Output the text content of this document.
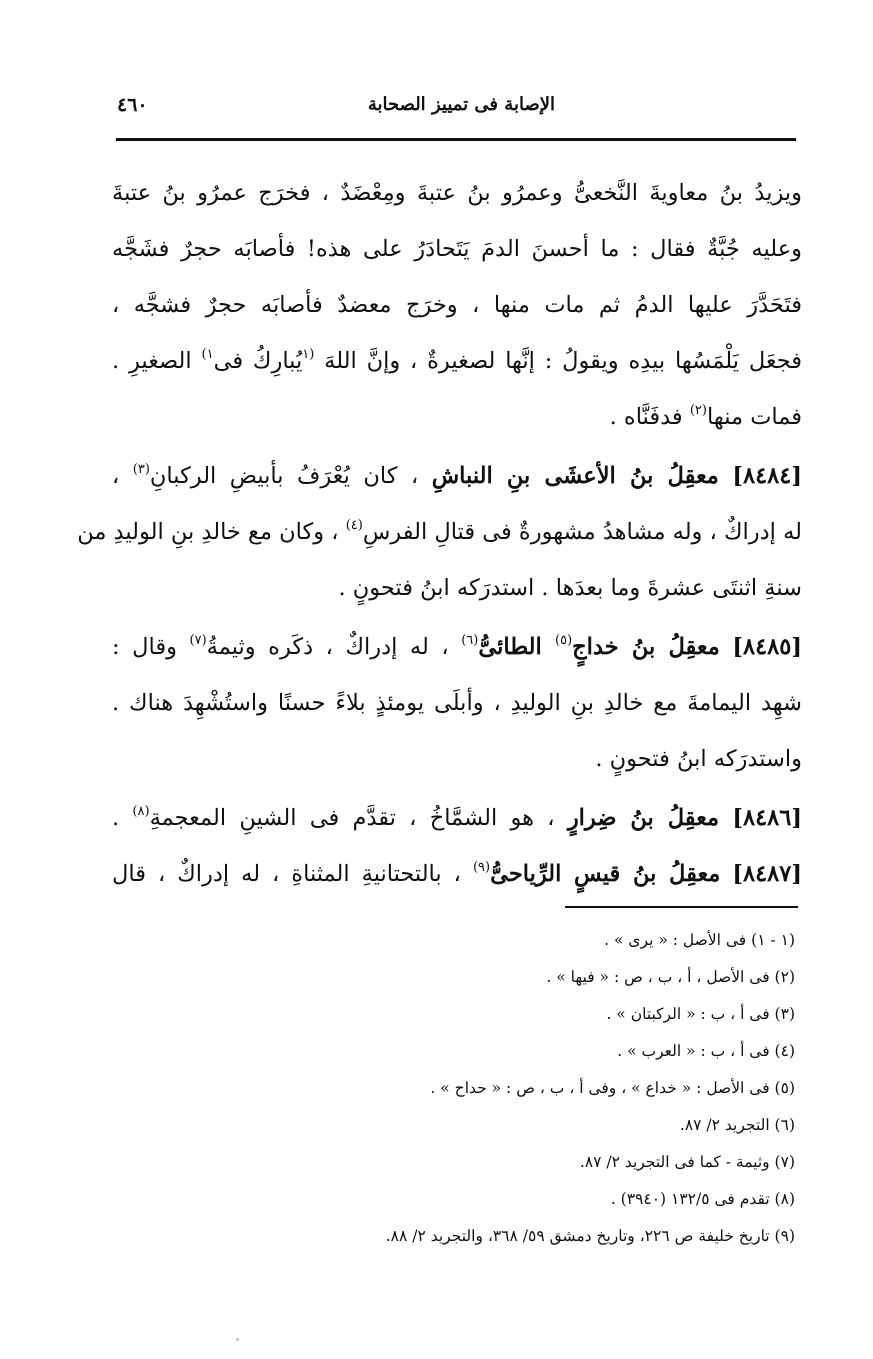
الإصابة فى تمييز الصحابة
٤٦٠
ويزيدُ بنُ معاويةَ النَّخعىُّ وعمرُو بنُ عتبةَ ومِعْضَدٌ ، فخرَج عمرُو بنُ عتبةَ
وعليه جُبَّةٌ فقال : ما أحسنَ الدمَ يَتَحادَرُ على هذه! فأصابَه حجرٌ فشَجَّه
فتَحَدَّرَ عليها الدمُ ثم مات منها ، وخرَج معضدٌ فأصابَه حجرٌ فشجَّه ،
فجعَل يَلْمَسُها بيدِه ويقولُ : إنَّها لصغيرةٌ ، وإنَّ اللهَ $^{(١}$يُبارِكُ فى$^{١)}$ الصغيرِ .
فمات منها$^{(٢)}$ فدفَنَّاه .
[٨٤٨٤] معقِلُ بنُ الأعشَى بنِ النباشِ ، كان يُعْرَفُ بأبيضِ الركبانِ$^{(٣)}$ ،
له إدراكٌ ، وله مشاهدُ مشهورةٌ فى قتالِ الفرسِ$^{(٤)}$ ، وكان مع خالدِ بنِ الوليدِ من
سنةِ اثنتَى عشرةَ وما بعدَها . استدرَكه ابنُ فتحونٍ .
[٨٤٨٥] معقِلُ بنُ خداجٍ$^{(٥)}$ الطائىُّ$^{(٦)}$ ، له إدراكٌ ، ذكَره وثيمةُ$^{(٧)}$ وقال :
شهِد اليمامةَ مع خالدِ بنِ الوليدِ ، وأبلَى يومئذٍ بلاءً حسنًا واستُشْهِدَ هناك .
واستدرَكه ابنُ فتحونٍ .
[٨٤٨٦] معقِلُ بنُ ضِرارٍ ، هو الشمَّاخُ ، تقدَّم فى الشينِ المعجمةِ$^{(٨)}$ .
[٨٤٨٧] معقِلُ بنُ قيسٍ الرِّياحىُّ$^{(٩)}$ ، بالتحتانيةِ المثناةِ ، له إدراكٌ ، قال
(١ - ١) فى الأصل : « يرى » .
(٢) فى الأصل ، أ ، ب ، ص : « فيها » .
(٣) فى أ ، ب : « الركبتان » .
(٤) فى أ ، ب : « العرب » .
(٥) فى الأصل : « خداع » ، وفى أ ، ب ، ص : « حداح » .
(٦) التجريد ٢/ ٨٧.
(٧) وثيمة - كما فى التجريد ٢/ ٨٧.
(٨) تقدم فى ١٣٢/٥ (٣٩٤٠) .
(٩) تاريخ خليفة ص ٢٢٦، وتاريخ دمشق ٥٩/ ٣٦٨، والتجريد ٢/ ٨٨.
